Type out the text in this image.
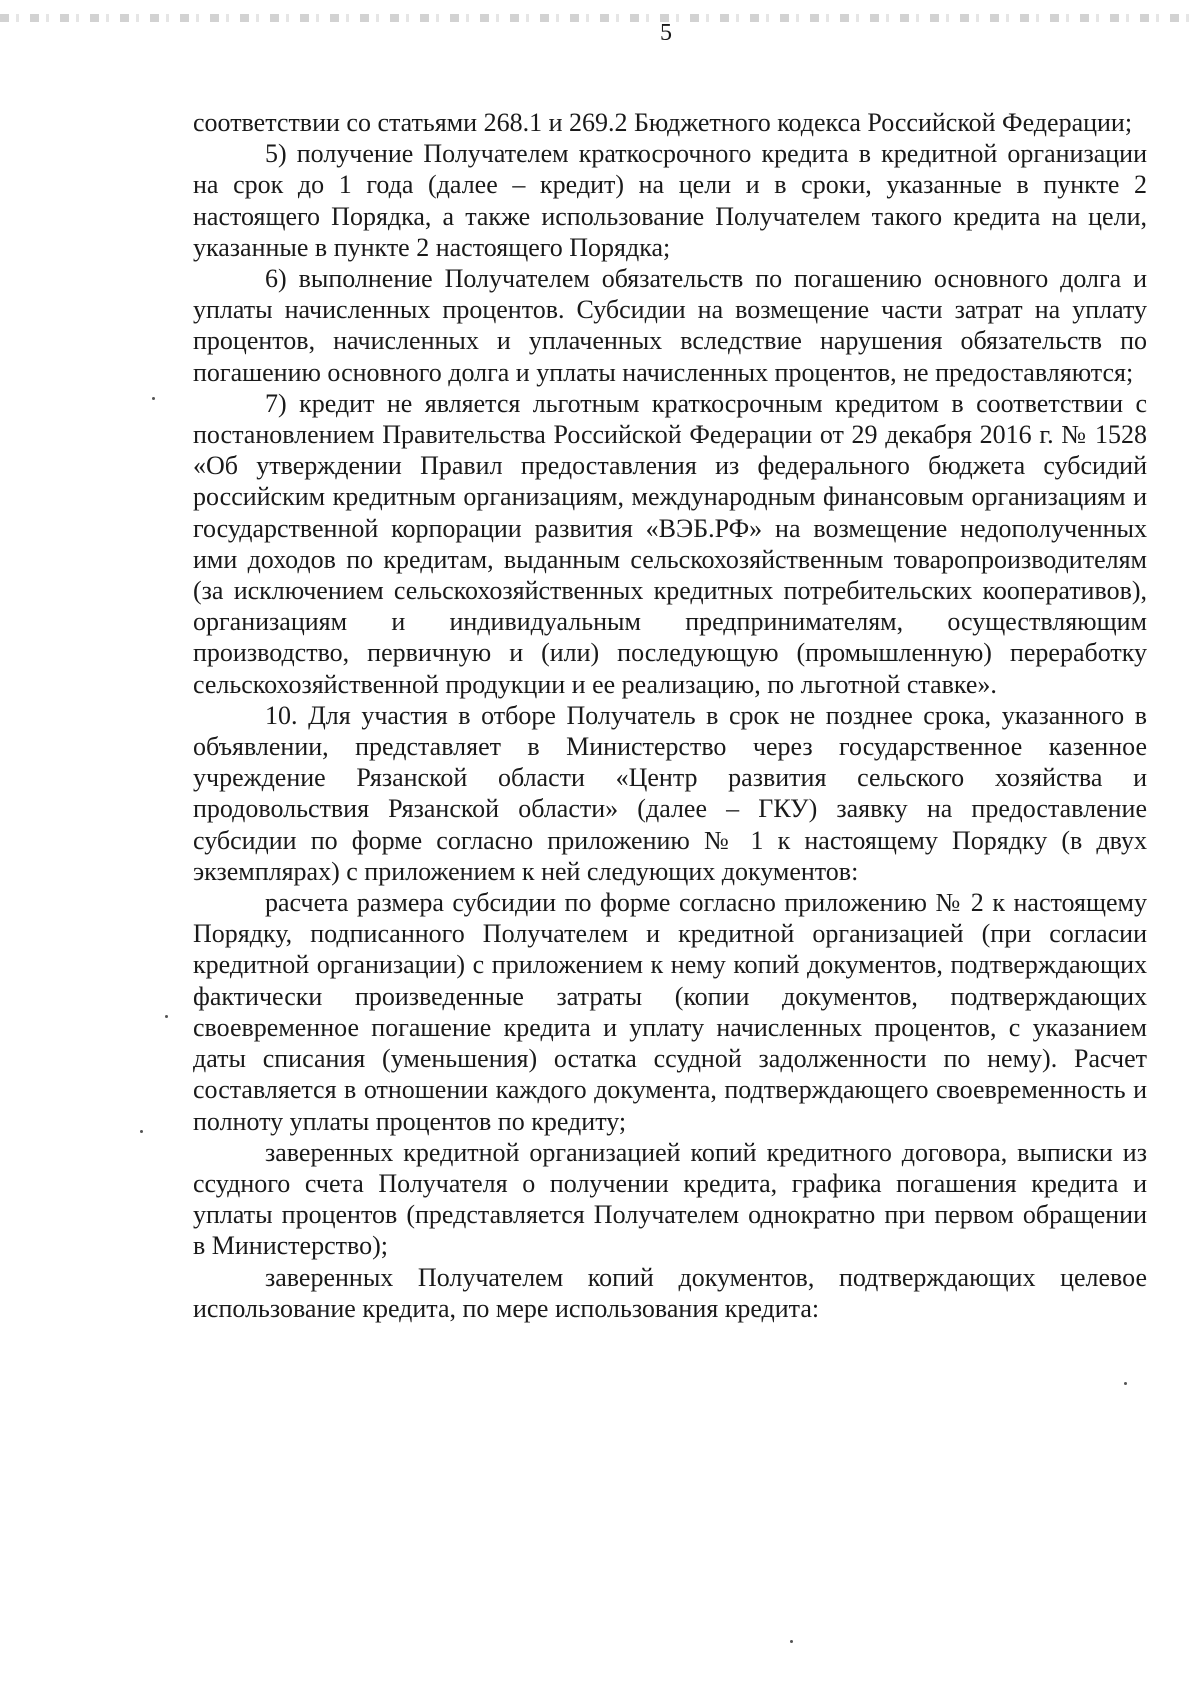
5

соответствии со статьями 268.1 и 269.2 Бюджетного кодекса Российской Федерации;

5) получение Получателем краткосрочного кредита в кредитной организации на срок до 1 года (далее – кредит) на цели и в сроки, указанные в пункте 2 настоящего Порядка, а также использование Получателем такого кредита на цели, указанные в пункте 2 настоящего Порядка;

6) выполнение Получателем обязательств по погашению основного долга и уплаты начисленных процентов. Субсидии на возмещение части затрат на уплату процентов, начисленных и уплаченных вследствие нарушения обязательств по погашению основного долга и уплаты начисленных процентов, не предоставляются;

7) кредит не является льготным краткосрочным кредитом в соответствии с постановлением Правительства Российской Федерации от 29 декабря 2016 г. № 1528 «Об утверждении Правил предоставления из федерального бюджета субсидий российским кредитным организациям, международным финансовым организациям и государственной корпорации развития «ВЭБ.РФ» на возмещение недополученных ими доходов по кредитам, выданным сельскохозяйственным товаропроизводителям (за исключением сельскохозяйственных кредитных потребительских кооперативов), организациям и индивидуальным предпринимателям, осуществляющим производство, первичную и (или) последующую (промышленную) переработку сельскохозяйственной продукции и ее реализацию, по льготной ставке».

10. Для участия в отборе Получатель в срок не позднее срока, указанного в объявлении, представляет в Министерство через государственное казенное учреждение Рязанской области «Центр развития сельского хозяйства и продовольствия Рязанской области» (далее – ГКУ) заявку на предоставление субсидии по форме согласно приложению № 1 к настоящему Порядку (в двух экземплярах) с приложением к ней следующих документов:

расчета размера субсидии по форме согласно приложению № 2 к настоящему Порядку, подписанного Получателем и кредитной организацией (при согласии кредитной организации) с приложением к нему копий документов, подтверждающих фактически произведенные затраты (копии документов, подтверждающих своевременное погашение кредита и уплату начисленных процентов, с указанием даты списания (уменьшения) остатка ссудной задолженности по нему). Расчет составляется в отношении каждого документа, подтверждающего своевременность и полноту уплаты процентов по кредиту;

заверенных кредитной организацией копий кредитного договора, выписки из ссудного счета Получателя о получении кредита, графика погашения кредита и уплаты процентов (представляется Получателем однократно при первом обращении в Министерство);

заверенных Получателем копий документов, подтверждающих целевое использование кредита, по мере использования кредита:
